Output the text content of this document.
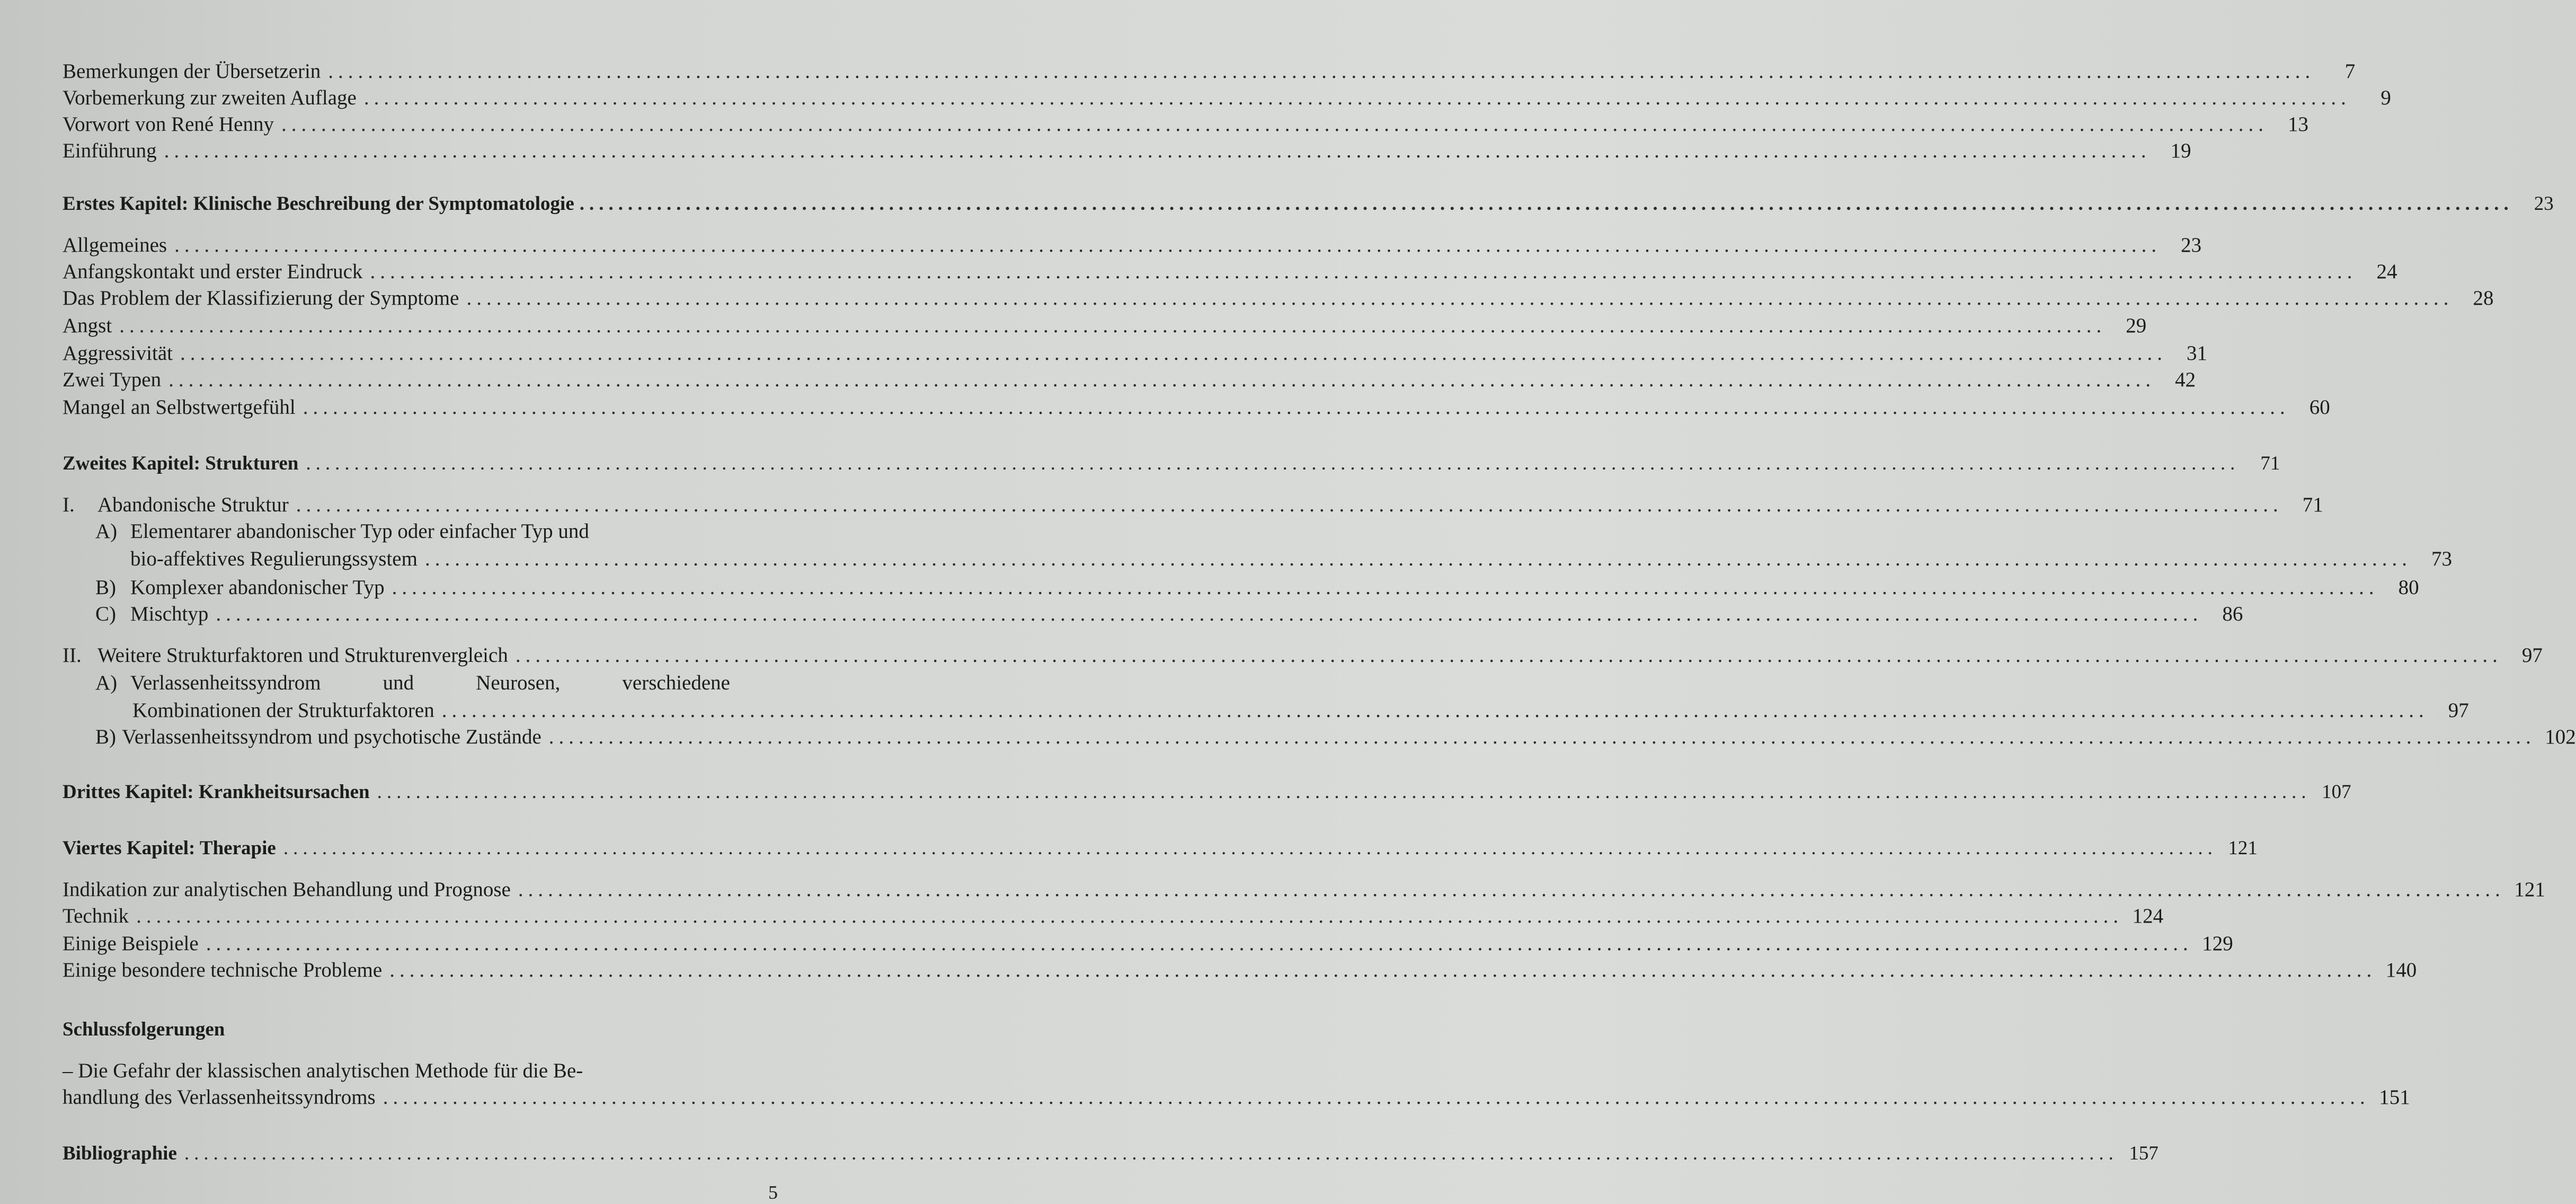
Bemerkungen der Übersetzerin ........................................................................................................................................................................................................	7
Vorbemerkung zur zweiten Auflage ........................................................................................................................................................................................................	9
Vorwort von René Henny ........................................................................................................................................................................................................ 13
Einführung ........................................................................................................................................................................................................ 19
Erstes Kapitel: Klinische Beschreibung der Symptomatologie ........................................................................................................................................................................................................	23
Allgemeines ........................................................................................................................................................................................................ 23
Anfangskontakt und erster Eindruck ........................................................................................................................................................................................................ 24
Das Problem der Klassifizierung der Symptome ........................................................................................................................................................................................................ 28
Angst ........................................................................................................................................................................................................ 29
Aggressivität ........................................................................................................................................................................................................ 31
Zwei Typen ........................................................................................................................................................................................................ 42
Mangel an Selbstwertgefühl ........................................................................................................................................................................................................ 60
Zweites Kapitel: Strukturen ........................................................................................................................................................................................................	71
I.	Abandonische Struktur ........................................................................................................................................................................................................ 71
A) Elementarer abandonischer Typ oder einfacher Typ und
bio-affektives Regulierungssystem ........................................................................................................................................................................................................ 73
B) Komplexer abandonischer Typ ........................................................................................................................................................................................................ 80
C) Mischtyp ........................................................................................................................................................................................................ 86
II. Weitere Strukturfaktoren und Strukturenvergleich ........................................................................................................................................................................................................ 97
A) Verlassenheitssyndrom	und	Neurosen,	verschiedene
Kombinationen der Strukturfaktoren ........................................................................................................................................................................................................ 97
B) Verlassenheitssyndrom und psychotische Zustände ........................................................................................................................................................................................................ 102
Drittes Kapitel: Krankheitsursachen ........................................................................................................................................................................................................ 107
Viertes Kapitel: Therapie ........................................................................................................................................................................................................ 121
Indikation zur analytischen Behandlung und Prognose ........................................................................................................................................................................................................ 121
Technik ........................................................................................................................................................................................................ 124
Einige Beispiele ........................................................................................................................................................................................................ 129
Einige besondere technische Probleme ........................................................................................................................................................................................................ 140
Schlussfolgerungen
– Die Gefahr der klassischen analytischen Methode für die Be-
handlung des Verlassenheitssyndroms ........................................................................................................................................................................................................ 151
Bibliographie ........................................................................................................................................................................................................ 157
5
